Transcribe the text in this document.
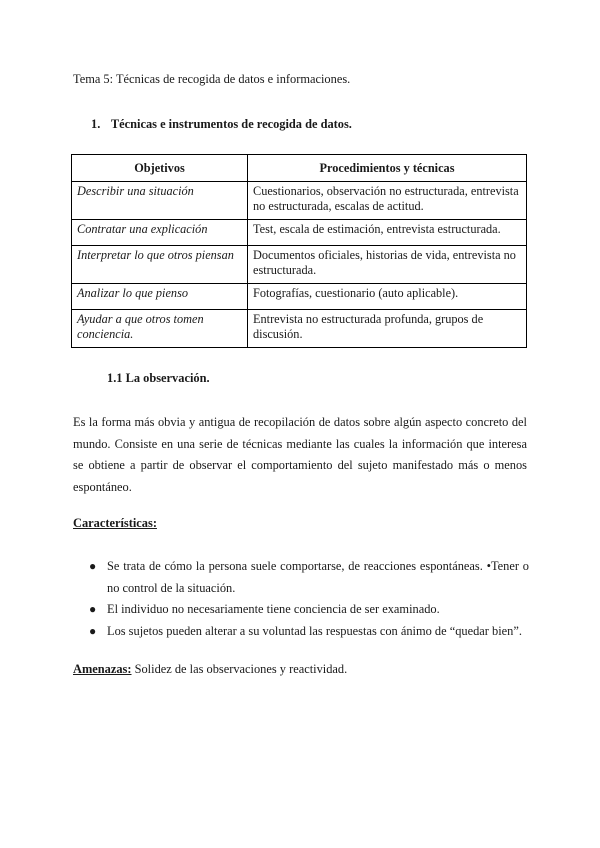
Tema 5: Técnicas de recogida de datos e informaciones.
1. Técnicas e instrumentos de recogida de datos.
Objetivos	Procedimientos y técnicas
Describir una situación	Cuestionarios, observación no estructurada, entrevista no estructurada, escalas de actitud.
Contratar una explicación	Test, escala de estimación, entrevista estructurada.
Interpretar lo que otros piensan	Documentos oficiales, historias de vida, entrevista no estructurada.
Analizar lo que pienso	Fotografías, cuestionario (auto aplicable).
Ayudar a que otros tomen conciencia.	Entrevista no estructurada profunda, grupos de discusión.
1.1 La observación.

Es la forma más obvia y antigua de recopilación de datos sobre algún aspecto concreto del mundo. Consiste en una serie de técnicas mediante las cuales la información que interesa se obtiene a partir de observar el comportamiento del sujeto manifestado más o menos espontáneo.

Características:
● Se trata de cómo la persona suele comportarse, de reacciones espontáneas. •Tener o no control de la situación.
● El individuo no necesariamente tiene conciencia de ser examinado.
● Los sujetos pueden alterar a su voluntad las respuestas con ánimo de “quedar bien”.
Amenazas: Solidez de las observaciones y reactividad.
